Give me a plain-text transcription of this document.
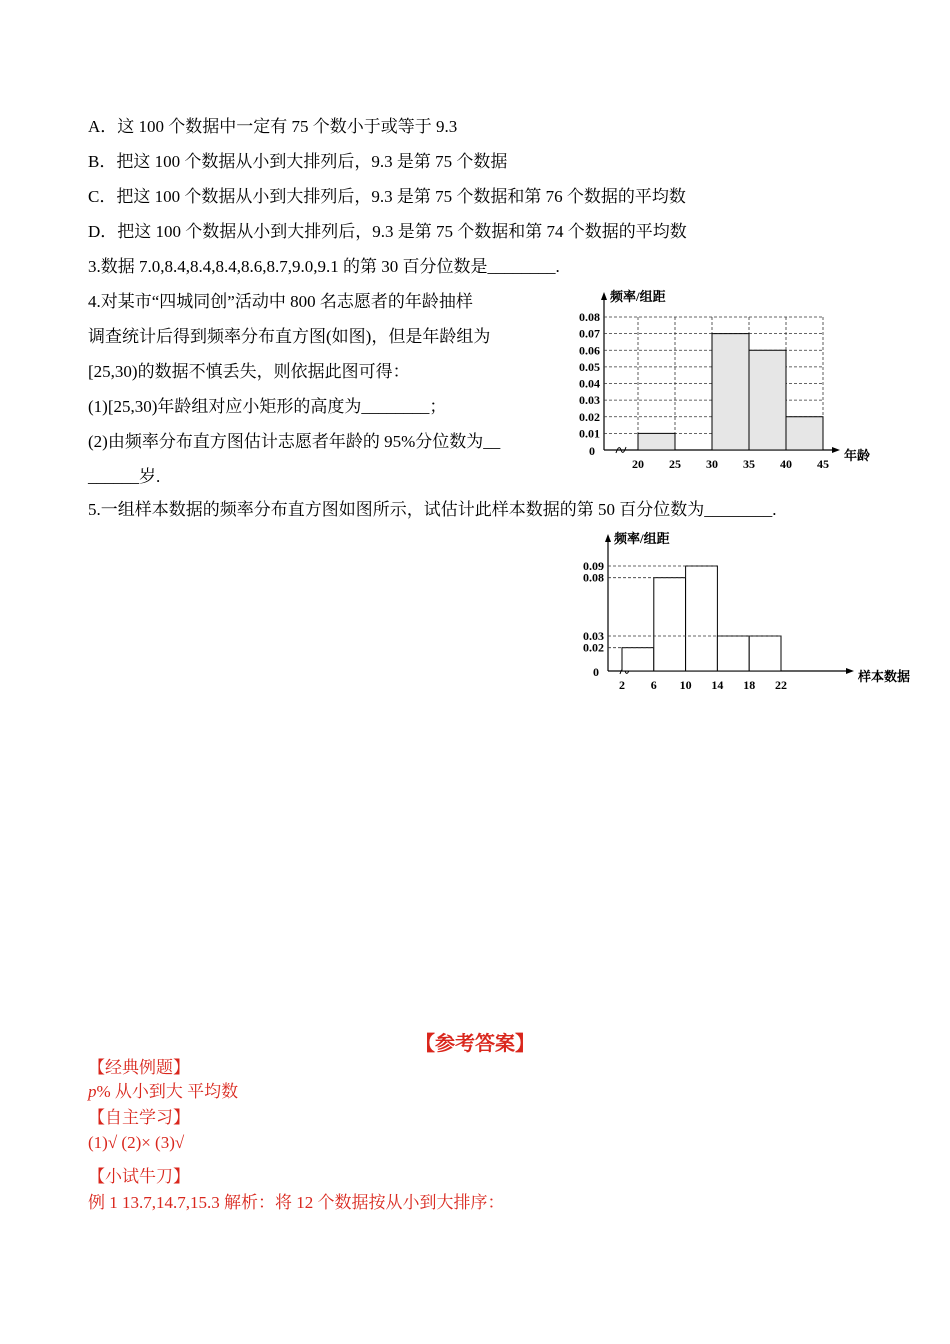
A．这 100 个数据中一定有 75 个数小于或等于 9.3
B．把这 100 个数据从小到大排列后，9.3 是第 75 个数据
C．把这 100 个数据从小到大排列后，9.3 是第 75 个数据和第 76 个数据的平均数
D．把这 100 个数据从小到大排列后，9.3 是第 75 个数据和第 74 个数据的平均数
3.数据 7.0,8.4,8.4,8.4,8.6,8.7,9.0,9.1 的第 30 百分位数是________.
4.对某市“四城同创”活动中 800 名志愿者的年龄抽样
调查统计后得到频率分布直方图(如图)，但是年龄组为
[25,30)的数据不慎丢失，则依据此图可得：
(1)[25,30)年龄组对应小矩形的高度为________；
(2)由频率分布直方图估计志愿者年龄的 95%分位数为__
______岁.
5.一组样本数据的频率分布直方图如图所示，试估计此样本数据的第 50 百分位数为________.
频率/组距
年龄
0
0.08
0.07
0.06
0.05
0.04
0.03
0.02
0.01
20 25 30 35 40 45
频率/组距
样本数据
0
0.09
0.08
0.03
0.02
2 6 10 14 18 22
【参考答案】
【经典例题】
p% 从小到大 平均数
【自主学习】
(1)√ (2)× (3)√
【小试牛刀】
例 1 13.7,14.7,15.3 解析：将 12 个数据按从小到大排序：
